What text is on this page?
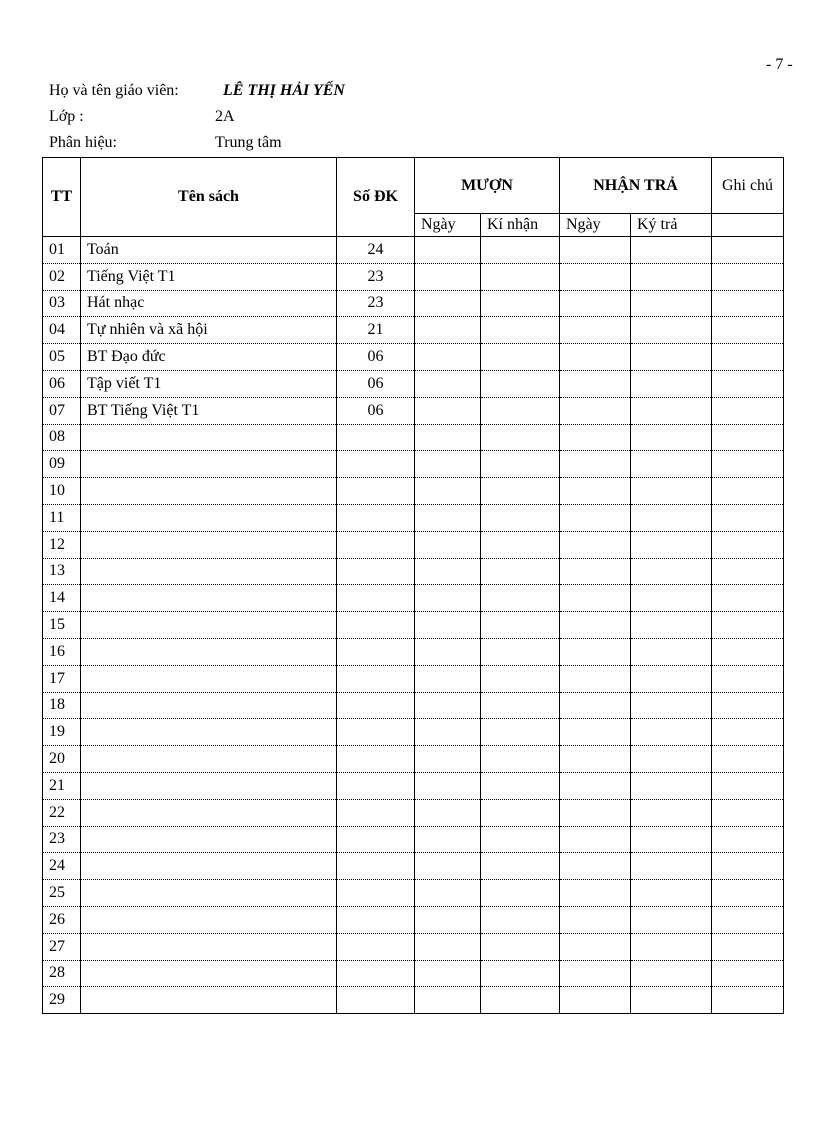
- 7 -
Họ và tên giáo viên:	LÊ THỊ HẢI YẾN
Lớp :	2A
Phân hiệu:	Trung tâm
TT	Tên sách	Số ĐK	MƯỢN		NHẬN TRẢ		Ghi chú
			Ngày	Kí nhận	Ngày	Ký trả	
01	Toán	24					
02	Tiếng Việt T1	23					
03	Hát nhạc	23					
04	Tự nhiên và xã hội	21					
05	BT Đạo đức	06					
06	Tập viết T1	06					
07	BT Tiếng Việt T1	06					
08							
09							
10							
11							
12							
13							
14							
15							
16							
17							
18							
19							
20							
21							
22							
23							
24							
25							
26							
27							
28							
29							
